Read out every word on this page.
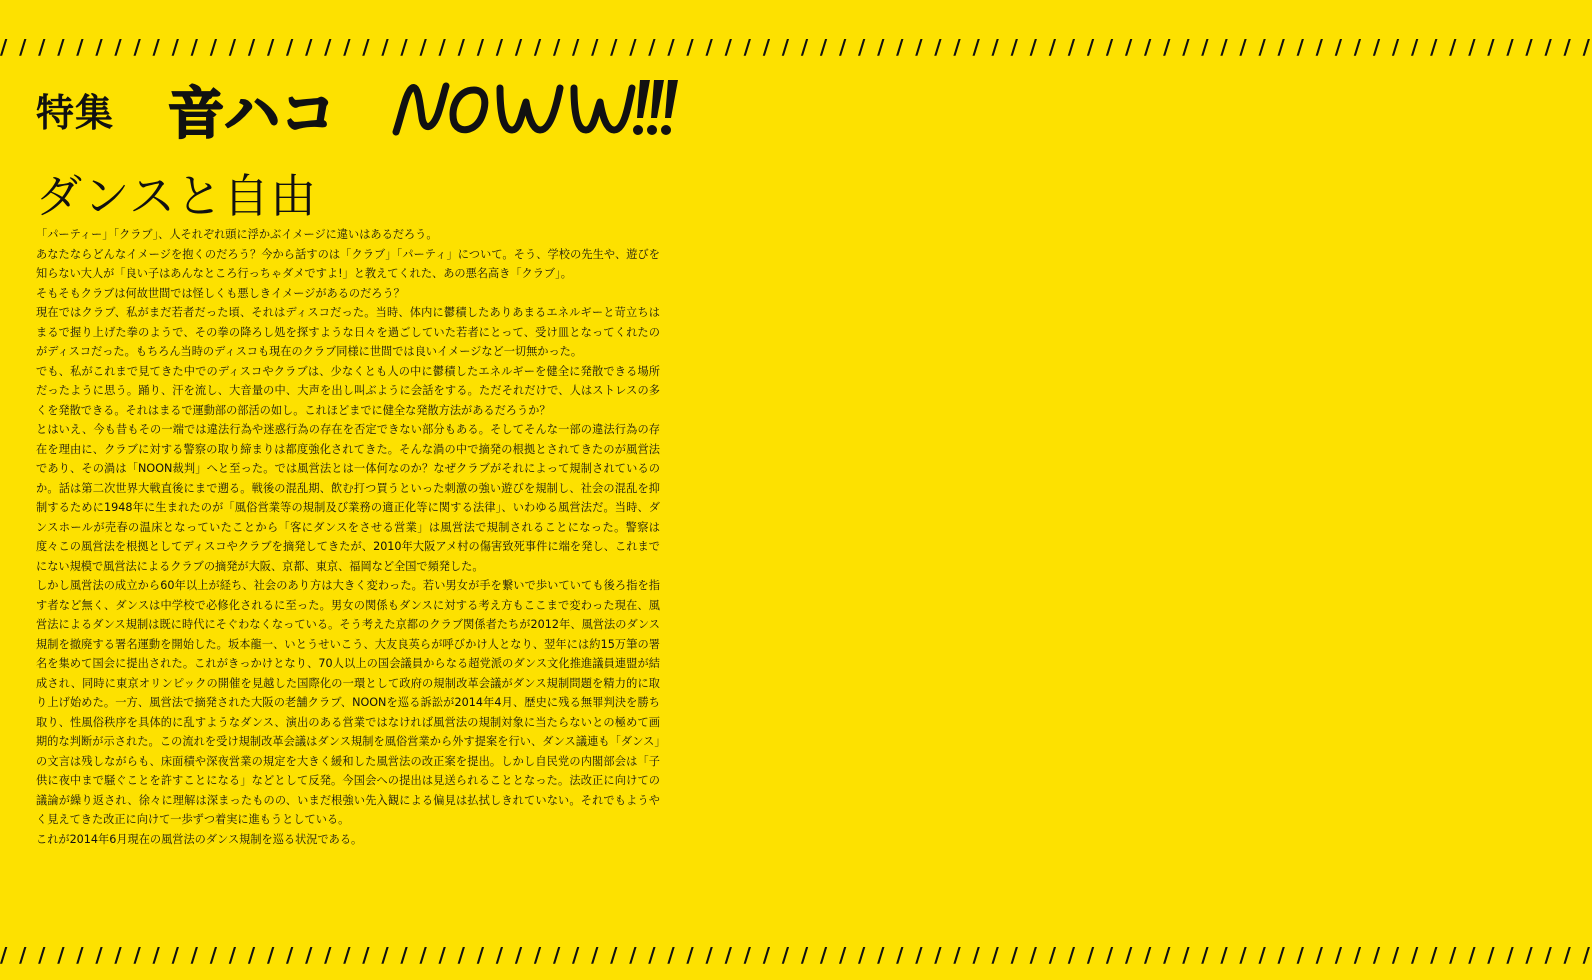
/ / / / / / / / / / / / / / / / / / / / / / / / / / / / / / / / / / / / / / / / / / / / / / / / / / / / / / / / / / / / / / / / / / / / / / / / / / / / / / / / / / / /
特集 音ハコ
NOW!!!
ダンスと自由

「パーティー」「クラブ」、人それぞれ頭に浮かぶイメージに違いはあるだろう。

あなたならどんなイメージを抱くのだろう？今から話すのは「クラブ」「パーティ」について。そう、学校の先生や、遊びを知らない大人が「良い子はあんなところ行っちゃダメですよ!」と教えてくれた、あの悪名高き「クラブ」。

そもそもクラブは何故世間では怪しくも悪しきイメージがあるのだろう？

現在ではクラブ、私がまだ若者だった頃、それはディスコだった。当時、体内に鬱積したありあまるエネルギーと苛立ちはまるで握り上げた拳のようで、その拳の降ろし処を探すような日々を過ごしていた若者にとって、受け皿となってくれたのがディスコだった。もちろん当時のディスコも現在のクラブ同様に世間では良いイメージなど一切無かった。

でも、私がこれまで見てきた中でのディスコやクラブは、少なくとも人の中に鬱積したエネルギーを健全に発散できる場所だったように思う。踊り、汗を流し、大音量の中、大声を出し叫ぶように会話をする。ただそれだけで、人はストレスの多くを発散できる。それはまるで運動部の部活の如し。これほどまでに健全な発散方法があるだろうか？

とはいえ、今も昔もその一端では違法行為や迷惑行為の存在を否定できない部分もある。そしてそんな一部の違法行為の存在を理由に、クラブに対する警察の取り締まりは都度強化されてきた。そんな渦の中で摘発の根拠とされてきたのが風営法であり、その渦は「NOON裁判」へと至った。では風営法とは一体何なのか？なぜクラブがそれによって規制されているのか。話は第二次世界大戦直後にまで遡る。戦後の混乱期、飲む打つ買うといった刺激の強い遊びを規制し、社会の混乱を抑制するために1948年に生まれたのが「風俗営業等の規制及び業務の適正化等に関する法律」、いわゆる風営法だ。当時、ダンスホールが売春の温床となっていたことから「客にダンスをさせる営業」は風営法で規制されることになった。警察は度々この風営法を根拠としてディスコやクラブを摘発してきたが、2010年大阪アメ村の傷害致死事件に端を発し、これまでにない規模で風営法によるクラブの摘発が大阪、京都、東京、福岡など全国で頻発した。

しかし風営法の成立から60年以上が経ち、社会のあり方は大きく変わった。若い男女が手を繋いで歩いていても後ろ指を指す者など無く、ダンスは中学校で必修化されるに至った。男女の関係もダンスに対する考え方もここまで変わった現在、風営法によるダンス規制は既に時代にそぐわなくなっている。そう考えた京都のクラブ関係者たちが2012年、風営法のダンス規制を撤廃する署名運動を開始した。坂本龍一、いとうせいこう、大友良英らが呼びかけ人となり、翌年には約15万筆の署名を集めて国会に提出された。これがきっかけとなり、70人以上の国会議員からなる超党派のダンス文化推進議員連盟が結成され、同時に東京オリンピックの開催を見越した国際化の一環として政府の規制改革会議がダンス規制問題を精力的に取り上げ始めた。一方、風営法で摘発された大阪の老舗クラブ、NOONを巡る訴訟が2014年4月、歴史に残る無罪判決を勝ち取り、性風俗秩序を具体的に乱すようなダンス、演出のある営業ではなければ風営法の規制対象に当たらないとの極めて画期的な判断が示された。この流れを受け規制改革会議はダンス規制を風俗営業から外す提案を行い、ダンス議連も「ダンス」の文言は残しながらも、床面積や深夜営業の規定を大きく緩和した風営法の改正案を提出。しかし自民党の内閣部会は「子供に夜中まで騒ぐことを許すことになる」などとして反発。今国会への提出は見送られることとなった。法改正に向けての議論が繰り返され、徐々に理解は深まったものの、いまだ根強い先入観による偏見は払拭しきれていない。それでもようやく見えてきた改正に向けて一歩ずつ着実に進もうとしている。

これが2014年6月現在の風営法のダンス規制を巡る状況である。

/ / / / / / / / / / / / / / / / / / / / / / / / / / / / / / / / / / / / / / / / / / / / / / / / / / / / / / / / / / / / / / / / / / / / / / / / / / / / / / / / / / / /
